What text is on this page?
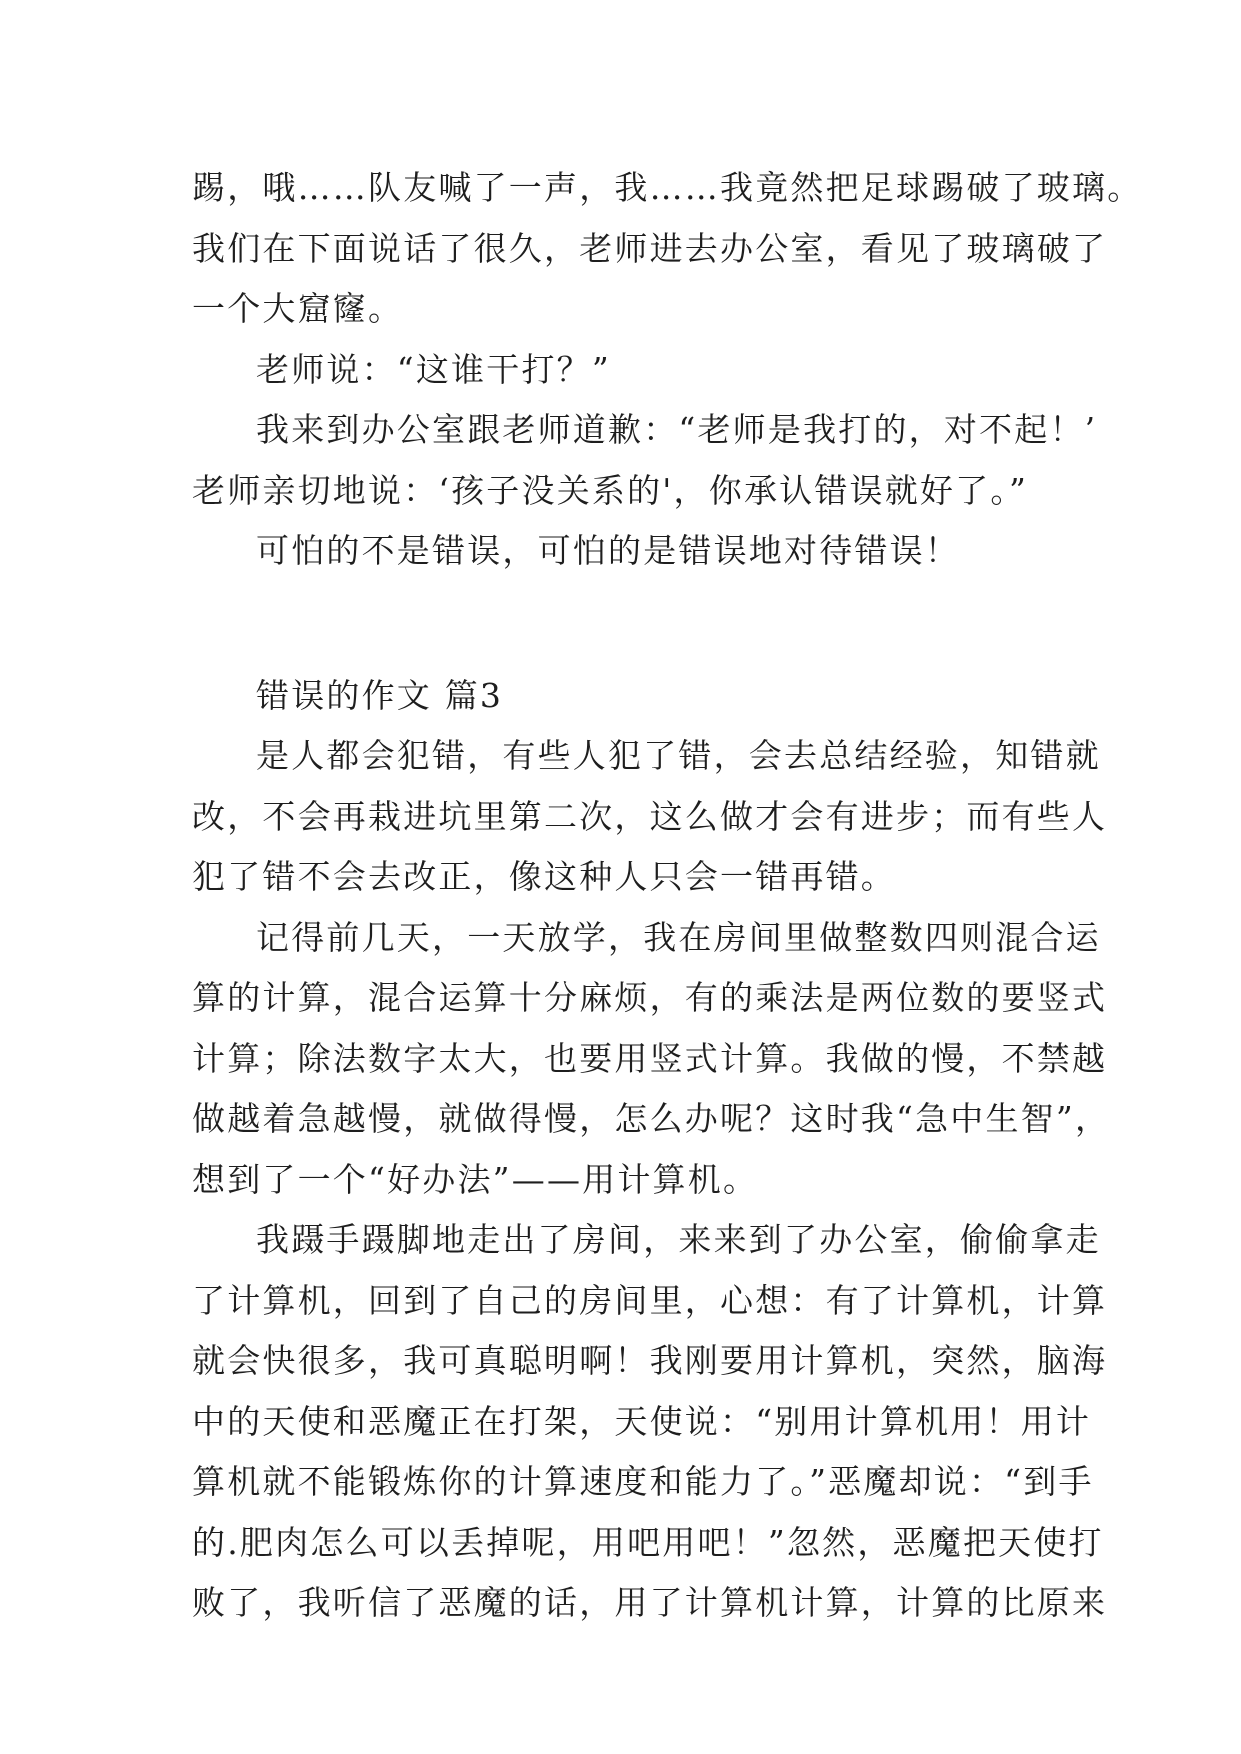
踢，哦……队友喊了一声，我……我竟然把足球踢破了玻璃。
我们在下面说话了很久，老师进去办公室，看见了玻璃破了
一个大窟窿。
老师说：“这谁干打？”
我来到办公室跟老师道歉：“老师是我打的，对不起！’
老师亲切地说：‘孩子没关系的'，你承认错误就好了。”
可怕的不是错误，可怕的是错误地对待错误！
错误的作文 篇3
是人都会犯错，有些人犯了错，会去总结经验，知错就
改，不会再栽进坑里第二次，这么做才会有进步；而有些人
犯了错不会去改正，像这种人只会一错再错。
记得前几天，一天放学，我在房间里做整数四则混合运
算的计算，混合运算十分麻烦，有的乘法是两位数的要竖式
计算；除法数字太大，也要用竖式计算。我做的慢，不禁越
做越着急越慢，就做得慢，怎么办呢？这时我“急中生智”，
想到了一个“好办法”——用计算机。
我蹑手蹑脚地走出了房间，来来到了办公室，偷偷拿走
了计算机，回到了自己的房间里，心想：有了计算机，计算
就会快很多，我可真聪明啊！我刚要用计算机，突然，脑海
中的天使和恶魔正在打架，天使说：“别用计算机用！用计
算机就不能锻炼你的计算速度和能力了。”恶魔却说：“到手
的.肥肉怎么可以丢掉呢，用吧用吧！”忽然，恶魔把天使打
败了，我听信了恶魔的话，用了计算机计算，计算的比原来
